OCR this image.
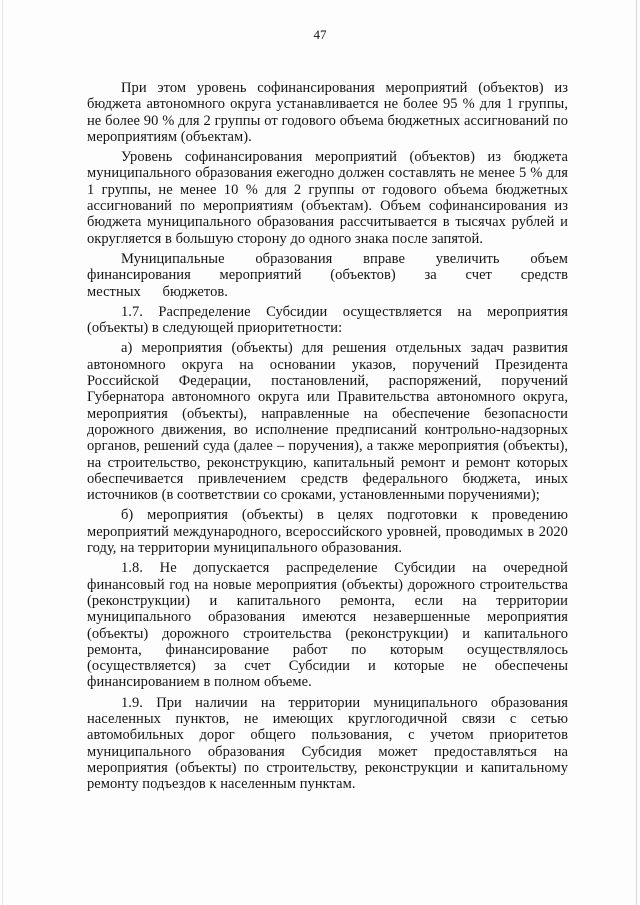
47

При этом уровень софинансирования мероприятий (объектов) из бюджета автономного округа устанавливается не более 95 % для 1 группы, не более 90 % для 2 группы от годового объема бюджетных ассигнований по мероприятиям (объектам).

Уровень софинансирования мероприятий (объектов) из бюджета муниципального образования ежегодно должен составлять не менее 5 % для 1 группы, не менее 10 % для 2 группы от годового объема бюджетных ассигнований по мероприятиям (объектам). Объем софинансирования из бюджета муниципального образования рассчитывается в тысячах рублей и округляется в большую сторону до одного знака после запятой.

Муниципальные образования вправе увеличить объем финансирования мероприятий (объектов) за счет средств местных бюджетов.

1.7. Распределение Субсидии осуществляется на мероприятия (объекты) в следующей приоритетности:

а) мероприятия (объекты) для решения отдельных задач развития автономного округа на основании указов, поручений Президента Российской Федерации, постановлений, распоряжений, поручений Губернатора автономного округа или Правительства автономного округа, мероприятия (объекты), направленные на обеспечение безопасности дорожного движения, во исполнение предписаний контрольно-надзорных органов, решений суда (далее – поручения), а также мероприятия (объекты), на строительство, реконструкцию, капитальный ремонт и ремонт которых обеспечивается привлечением средств федерального бюджета, иных источников (в соответствии со сроками, установленными поручениями);

б) мероприятия (объекты) в целях подготовки к проведению мероприятий международного, всероссийского уровней, проводимых в 2020 году, на территории муниципального образования.

1.8. Не допускается распределение Субсидии на очередной финансовый год на новые мероприятия (объекты) дорожного строительства (реконструкции) и капитального ремонта, если на территории муниципального образования имеются незавершенные мероприятия (объекты) дорожного строительства (реконструкции) и капитального ремонта, финансирование работ по которым осуществлялось (осуществляется) за счет Субсидии и которые не обеспечены финансированием в полном объеме.

1.9. При наличии на территории муниципального образования населенных пунктов, не имеющих круглогодичной связи с сетью автомобильных дорог общего пользования, с учетом приоритетов муниципального образования Субсидия может предоставляться на мероприятия (объекты) по строительству, реконструкции и капитальному ремонту подъездов к населенным пунктам.
